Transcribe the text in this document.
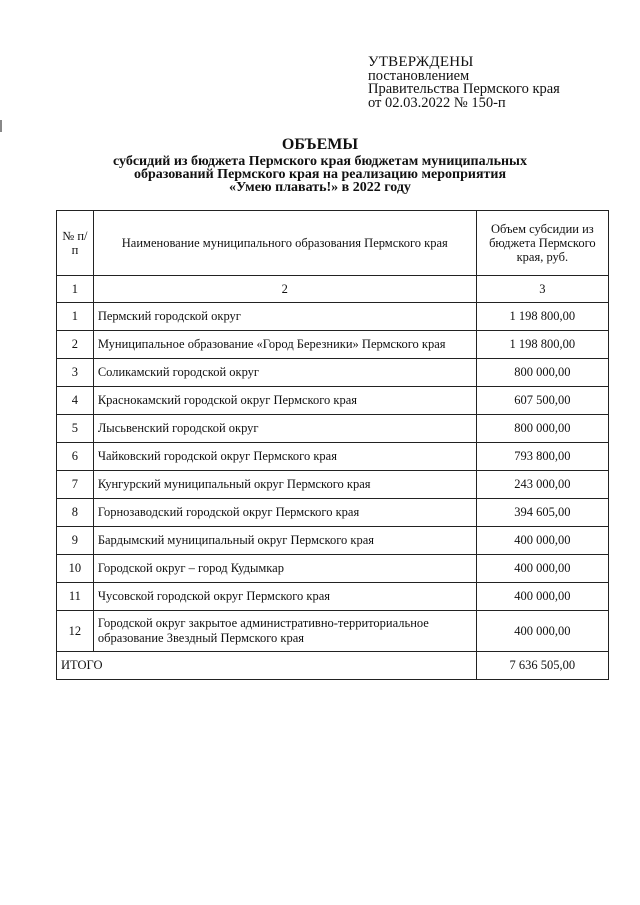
УТВЕРЖДЕНЫ
постановлением
Правительства Пермского края
от 02.03.2022 № 150-п
ОБЪЕМЫ
субсидий из бюджета Пермского края бюджетам муниципальных
образований Пермского края на реализацию мероприятия
«Умею плавать!» в 2022 году
№ п/п	Наименование муниципального образования Пермского края	Объем субсидии из бюджета Пермского края, руб.
1	2	3
1	Пермский городской округ	1 198 800,00
2	Муниципальное образование «Город Березники» Пермского края	1 198 800,00
3	Соликамский городской округ	800 000,00
4	Краснокамский городской округ Пермского края	607 500,00
5	Лысьвенский городской округ	800 000,00
6	Чайковский городской округ Пермского края	793 800,00
7	Кунгурский муниципальный округ Пермского края	243 000,00
8	Горнозаводский городской округ Пермского края	394 605,00
9	Бардымский муниципальный округ Пермского края	400 000,00
10	Городской округ – город Кудымкар	400 000,00
11	Чусовской городской округ Пермского края	400 000,00
12	Городской округ закрытое административно-территориальное образование Звездный Пермского края	400 000,00
ИТОГО		7 636 505,00
